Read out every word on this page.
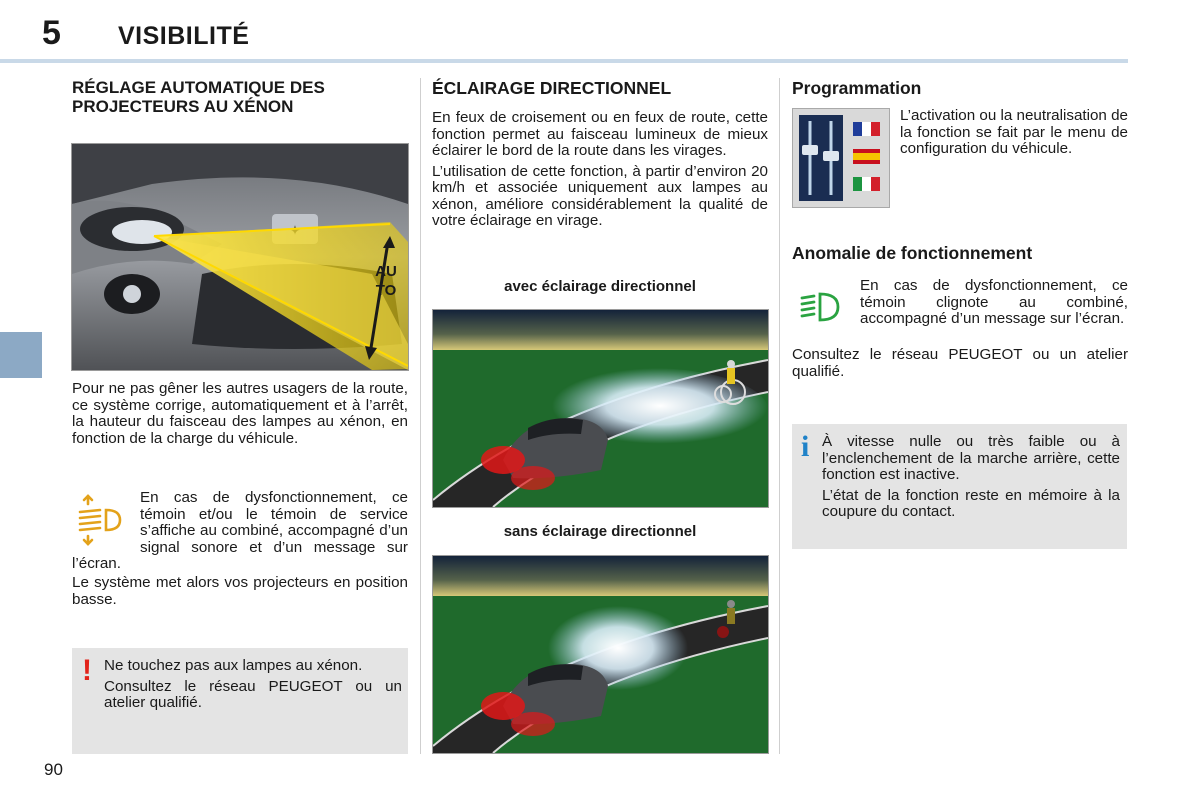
5 VISIBILITÉ
RÉGLAGE AUTOMATIQUE DES
PROJECTEURS AU XÉNON
AUTO
Pour ne pas gêner les autres usagers de la route, ce système corrige, automatiquement et à l’arrêt, la hauteur du faisceau des lampes au xénon, en fonction de la charge du véhicule.
En cas de dysfonctionnement, ce témoin et/ou le témoin de service s’affiche au combiné, accompagné d’un signal sonore et d’un message sur l’écran.
Le système met alors vos projecteurs en position basse.
! Ne touchez pas aux lampes au xénon.

Consultez le réseau PEUGEOT ou un atelier qualifié.

ÉCLAIRAGE DIRECTIONNEL

En feux de croisement ou en feux de route, cette fonction permet au faisceau lumineux de mieux éclairer le bord de la route dans les virages.

L’utilisation de cette fonction, à partir d’environ 20 km/h et associée uniquement aux lampes au xénon, améliore considérablement la qualité de votre éclairage en virage.

avec éclairage directionnel
sans éclairage directionnel
Programmation
L’activation ou la neutralisation de la fonction se fait par le menu de configuration du véhicule.
Anomalie de fonctionnement
En cas de dysfonctionnement, ce témoin clignote au combiné, accompagné d’un message sur l’écran.
Consultez le réseau PEUGEOT ou un atelier qualifié.
i À vitesse nulle ou très faible ou à l’enclenchement de la marche arrière, cette fonction est inactive.

L’état de la fonction reste en mémoire à la coupure du contact.

90
